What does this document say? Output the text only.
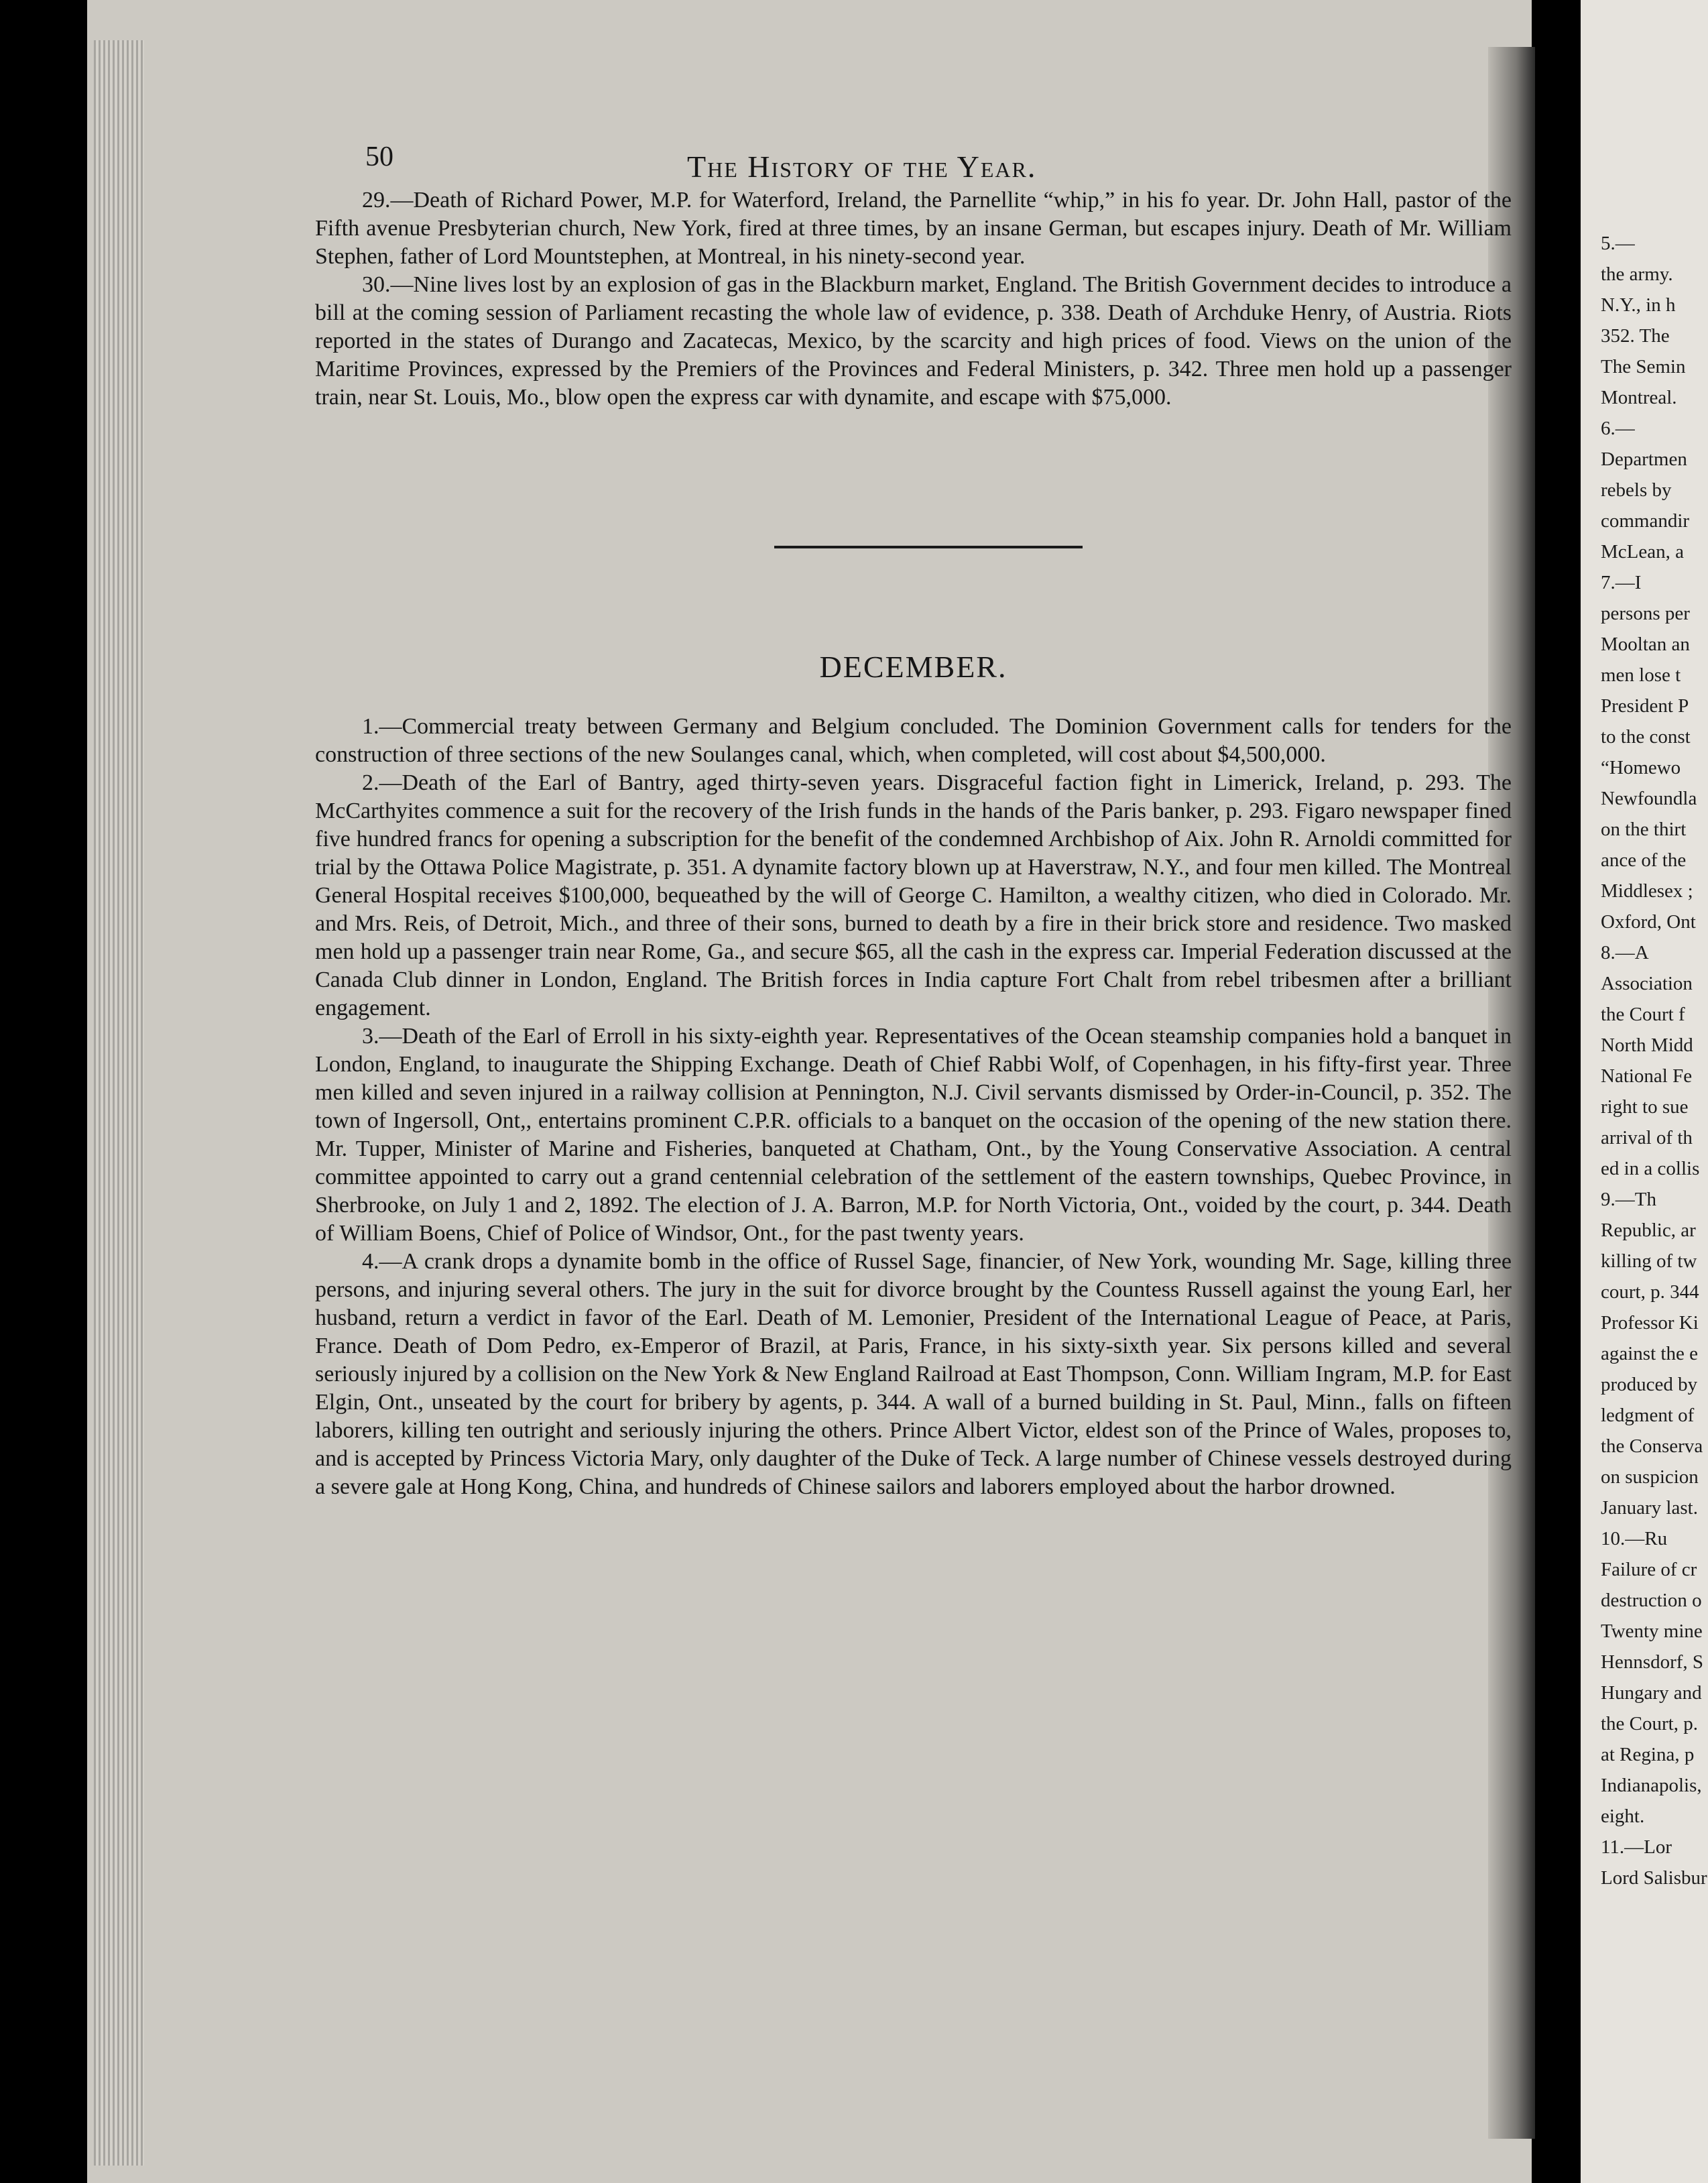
5.—
the army.
N.Y., in h
352. The
The Semin
Montreal.
6.—
Departmen
rebels by
commandir
McLean, a
7.—I
persons per
Mooltan an
men lose t
President P
to the const
“Homewo
Newfoundla
on the thirt
ance of the
Middlesex ;
Oxford, Ont
8.—A
Association
the Court f
North Midd
National Fe
right to sue
arrival of th
ed in a collis
9.—Th
Republic, ar
killing of tw
court, p. 344
Professor Ki
against the e
produced by
ledgment of
the Conserva
on suspicion
January last.
10.—Ru
Failure of cr
destruction o
Twenty mine
Hennsdorf, S
Hungary and
the Court, p.
at Regina, p
Indianapolis,
eight.
11.—Lor
Lord Salisbur
50	The History of the Year.

29.—Death of Richard Power, M.P. for Waterford, Ireland, the Parnellite “whip,” in his fo year. Dr. John Hall, pastor of the Fifth avenue Presbyterian church, New York, fired at three times, by an insane German, but escapes injury. Death of Mr. William Stephen, father of Lord Mountstephen, at Montreal, in his ninety-second year.

30.—Nine lives lost by an explosion of gas in the Blackburn market, England. The British Government decides to introduce a bill at the coming session of Parliament recasting the whole law of evidence, p. 338. Death of Archduke Henry, of Austria. Riots reported in the states of Durango and Zacatecas, Mexico, by the scarcity and high prices of food. Views on the union of the Maritime Provinces, expressed by the Premiers of the Provinces and Federal Ministers, p. 342. Three men hold up a passenger train, near St. Louis, Mo., blow open the express car with dynamite, and escape with $75,000.

DECEMBER.

1.—Commercial treaty between Germany and Belgium concluded. The Dominion Government calls for tenders for the construction of three sections of the new Soulanges canal, which, when completed, will cost about $4,500,000.

2.—Death of the Earl of Bantry, aged thirty-seven years. Disgraceful faction fight in Limerick, Ireland, p. 293. The McCarthyites commence a suit for the recovery of the Irish funds in the hands of the Paris banker, p. 293. Figaro newspaper fined five hundred francs for opening a subscription for the benefit of the condemned Archbishop of Aix. John R. Arnoldi committed for trial by the Ottawa Police Magistrate, p. 351. A dynamite factory blown up at Haverstraw, N.Y., and four men killed. The Montreal General Hospital receives $100,000, bequeathed by the will of George C. Hamilton, a wealthy citizen, who died in Colorado. Mr. and Mrs. Reis, of Detroit, Mich., and three of their sons, burned to death by a fire in their brick store and residence. Two masked men hold up a passenger train near Rome, Ga., and secure $65, all the cash in the express car. Imperial Federation discussed at the Canada Club dinner in London, England. The British forces in India capture Fort Chalt from rebel tribesmen after a brilliant engagement.

3.—Death of the Earl of Erroll in his sixty-eighth year. Representatives of the Ocean steamship companies hold a banquet in London, England, to inaugurate the Shipping Exchange. Death of Chief Rabbi Wolf, of Copenhagen, in his fifty-first year. Three men killed and seven injured in a railway collision at Pennington, N.J. Civil servants dismissed by Order-in-Council, p. 352. The town of Ingersoll, Ont,, entertains prominent C.P.R. officials to a banquet on the occasion of the opening of the new station there. Mr. Tupper, Minister of Marine and Fisheries, banqueted at Chatham, Ont., by the Young Conservative Association. A central committee appointed to carry out a grand centennial celebration of the settlement of the eastern townships, Quebec Province, in Sherbrooke, on July 1 and 2, 1892. The election of J. A. Barron, M.P. for North Victoria, Ont., voided by the court, p. 344. Death of William Boens, Chief of Police of Windsor, Ont., for the past twenty years.

4.—A crank drops a dynamite bomb in the office of Russel Sage, financier, of New York, wounding Mr. Sage, killing three persons, and injuring several others. The jury in the suit for divorce brought by the Countess Russell against the young Earl, her husband, return a verdict in favor of the Earl. Death of M. Lemonier, President of the International League of Peace, at Paris, France. Death of Dom Pedro, ex-Emperor of Brazil, at Paris, France, in his sixty-sixth year. Six persons killed and several seriously injured by a collision on the New York & New England Railroad at East Thompson, Conn. William Ingram, M.P. for East Elgin, Ont., unseated by the court for bribery by agents, p. 344. A wall of a burned building in St. Paul, Minn., falls on fifteen laborers, killing ten outright and seriously injuring the others. Prince Albert Victor, eldest son of the Prince of Wales, proposes to, and is accepted by Princess Victoria Mary, only daughter of the Duke of Teck. A large number of Chinese vessels destroyed during a severe gale at Hong Kong, China, and hundreds of Chinese sailors and laborers employed about the harbor drowned.
